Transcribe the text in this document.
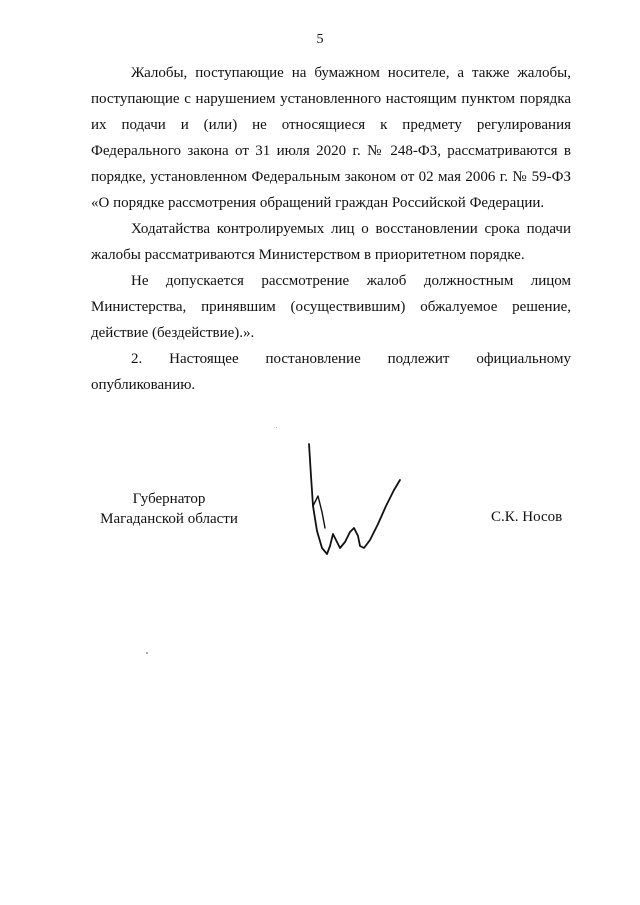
5

Жалобы, поступающие на бумажном носителе, а также жалобы, поступающие с нарушением установленного настоящим пунктом порядка их подачи и (или) не относящиеся к предмету регулирования Федерального закона от 31 июля 2020 г. № 248-ФЗ, рассматриваются в порядке, установленном Федеральным законом от 02 мая 2006 г. № 59-ФЗ «О порядке рассмотрения обращений граждан Российской Федерации.

Ходатайства контролируемых лиц о восстановлении срока подачи жалобы рассматриваются Министерством в приоритетном порядке.

Не допускается рассмотрение жалоб должностным лицом Министерства, принявшим (осуществившим) обжалуемое решение, действие (бездействие).».

2. Настоящее постановление подлежит официальному опубликованию.

Губернатор
Магаданской области	С.К. Носов
